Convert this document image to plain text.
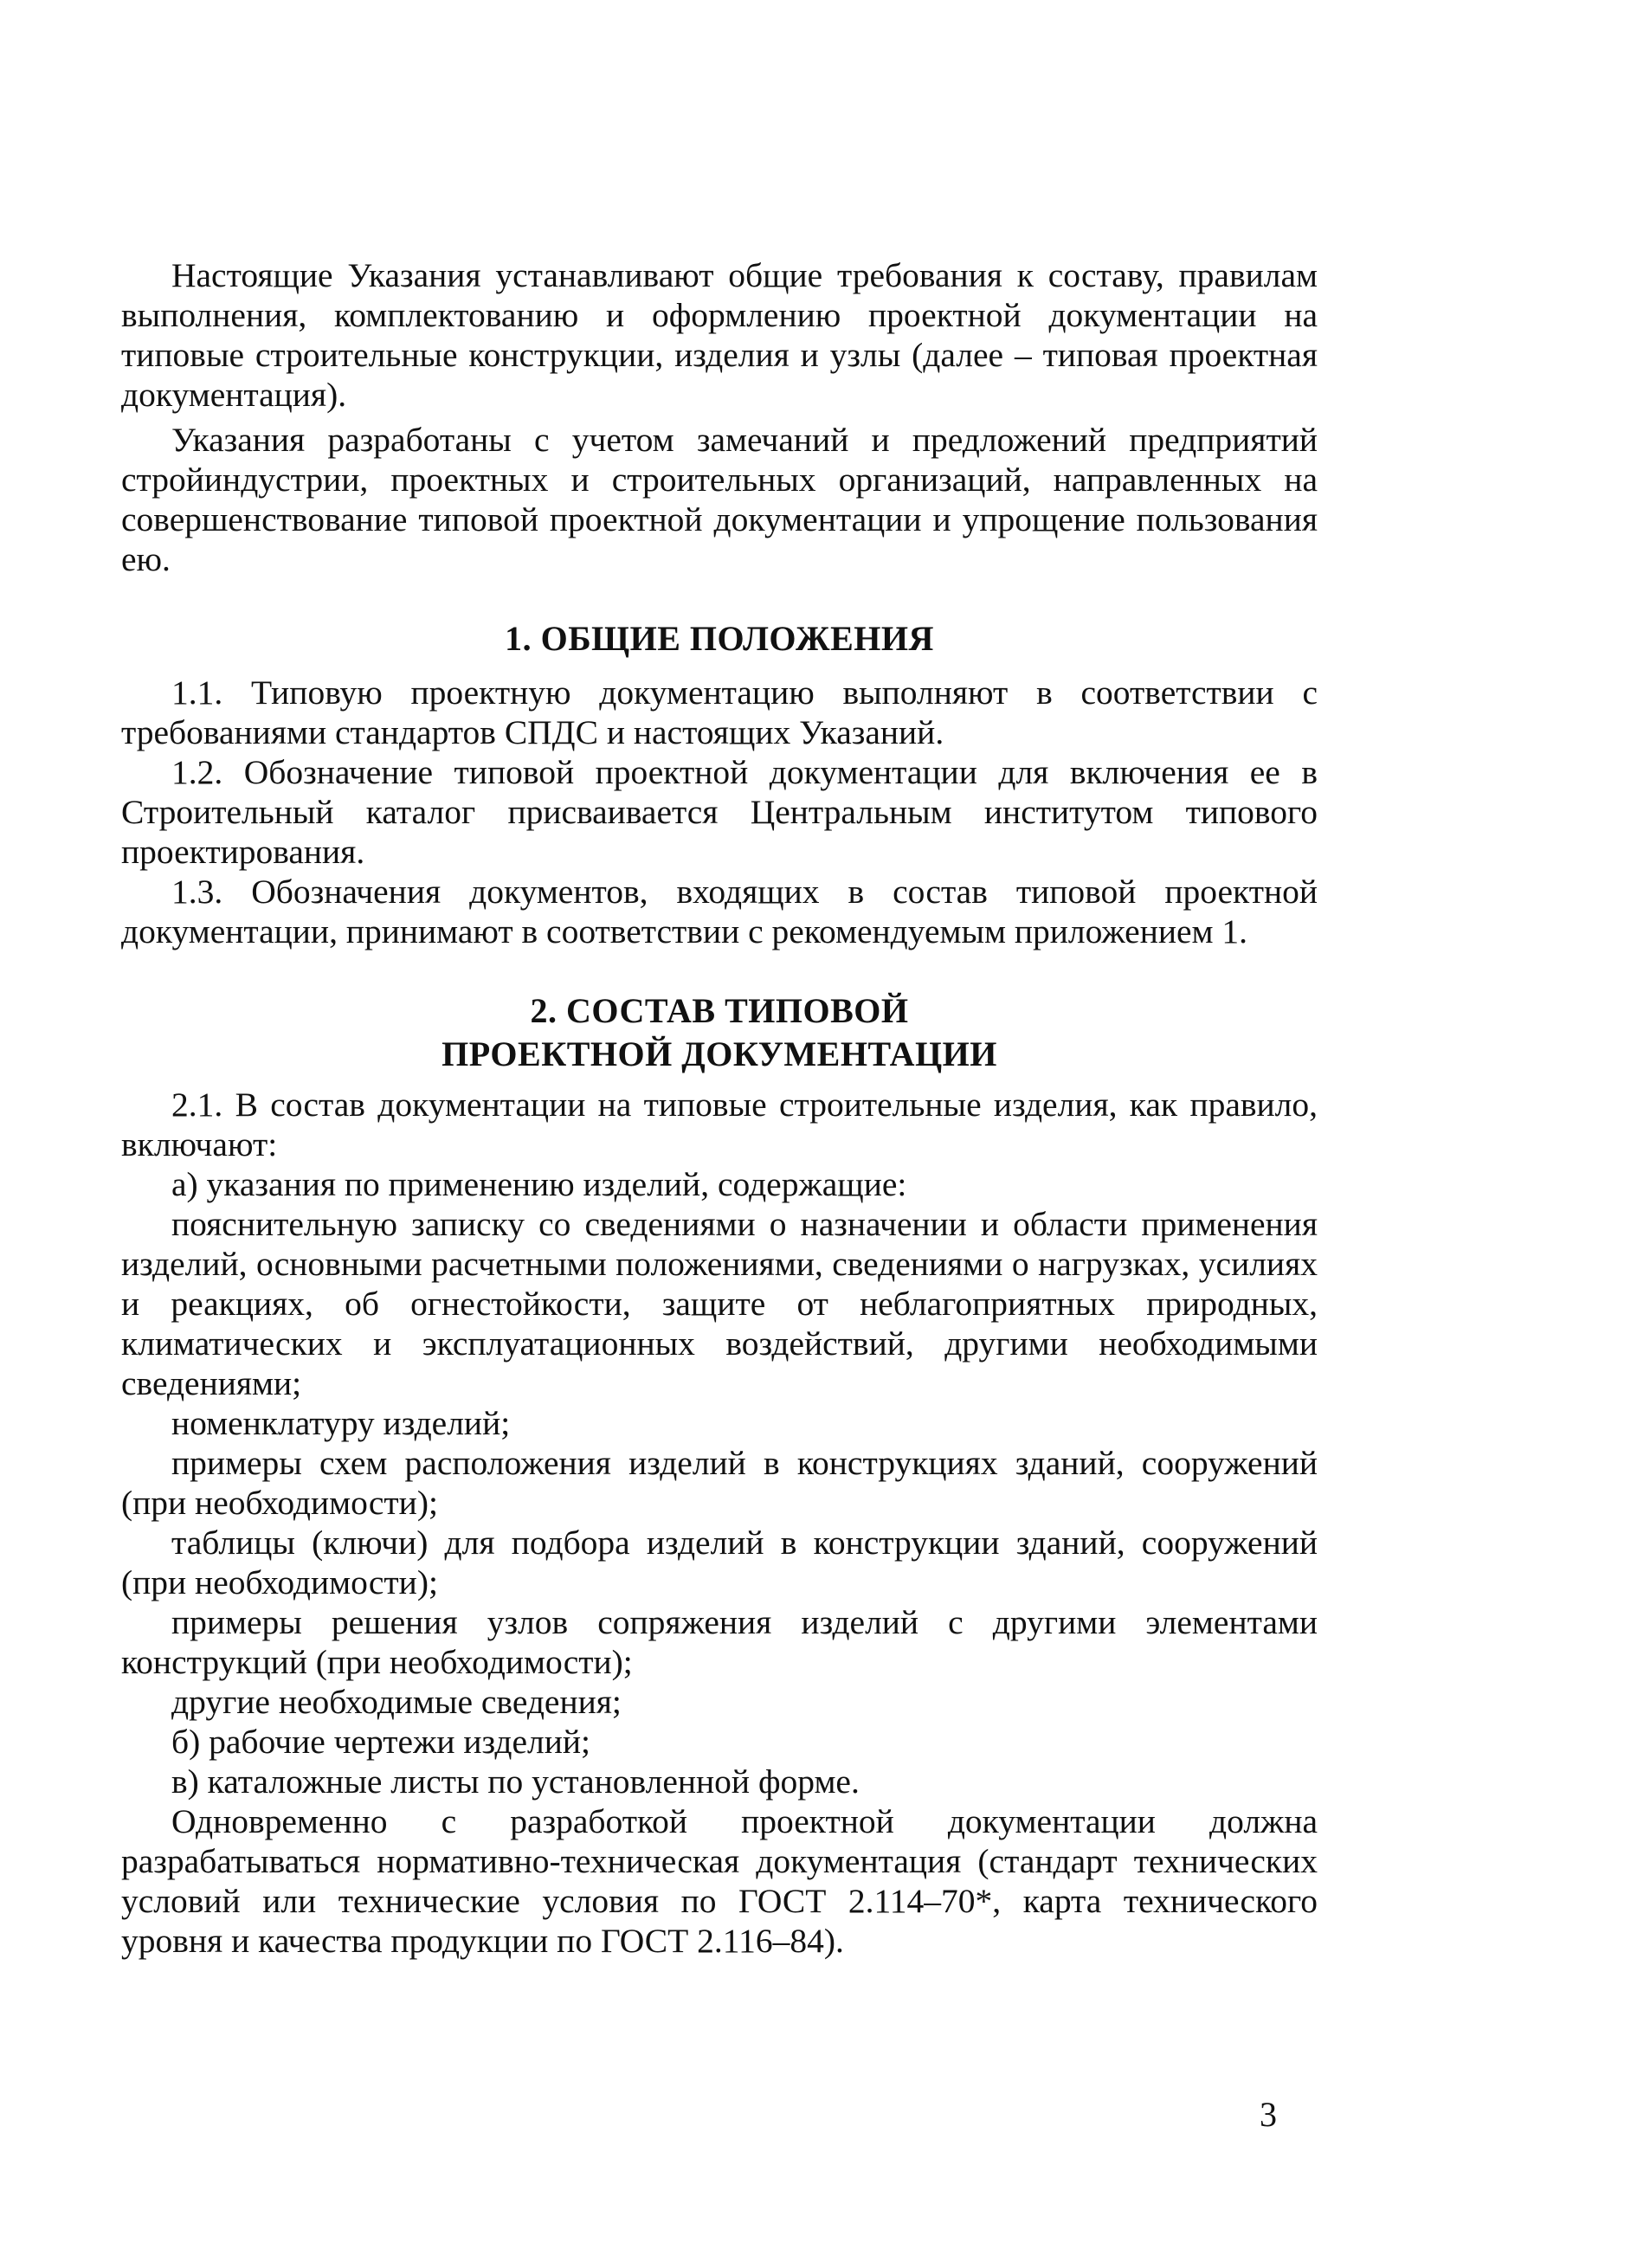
Настоящие Указания устанавливают общие требования к составу, правилам выполнения, комплектованию и оформлению проектной документации на типовые строительные конструкции, изделия и узлы (далее – типовая проектная документация).

Указания разработаны с учетом замечаний и предложений предприятий стройиндустрии, проектных и строительных организаций, направленных на совершенствование типовой проектной документации и упрощение пользования ею.

1. ОБЩИЕ ПОЛОЖЕНИЯ

1.1. Типовую проектную документацию выполняют в соответствии с требованиями стандартов СПДС и настоящих Указаний.

1.2. Обозначение типовой проектной документации для включения ее в Строительный каталог присваивается Центральным институтом типового проектирования.

1.3. Обозначения документов, входящих в состав типовой проектной документации, принимают в соответствии с рекомендуемым приложением 1.

2. СОСТАВ ТИПОВОЙ
ПРОЕКТНОЙ ДОКУМЕНТАЦИИ

2.1. В состав документации на типовые строительные изделия, как правило, включают:

а) указания по применению изделий, содержащие:

пояснительную записку со сведениями о назначении и области применения изделий, основными расчетными положениями, сведениями о нагрузках, усилиях и реакциях, об огнестойкости, защите от неблагоприятных природных, климатических и эксплуатационных воздействий, другими необходимыми сведениями;

номенклатуру изделий;

примеры схем расположения изделий в конструкциях зданий, сооружений (при необходимости);

таблицы (ключи) для подбора изделий в конструкции зданий, сооружений (при необходимости);

примеры решения узлов сопряжения изделий с другими элементами конструкций (при необходимости);

другие необходимые сведения;

б) рабочие чертежи изделий;

в) каталожные листы по установленной форме.

Одновременно с разработкой проектной документации должна разрабатываться нормативно-техническая документация (стандарт технических условий или технические условия по ГОСТ 2.114–70*, карта технического уровня и качества продукции по ГОСТ 2.116–84).

3
